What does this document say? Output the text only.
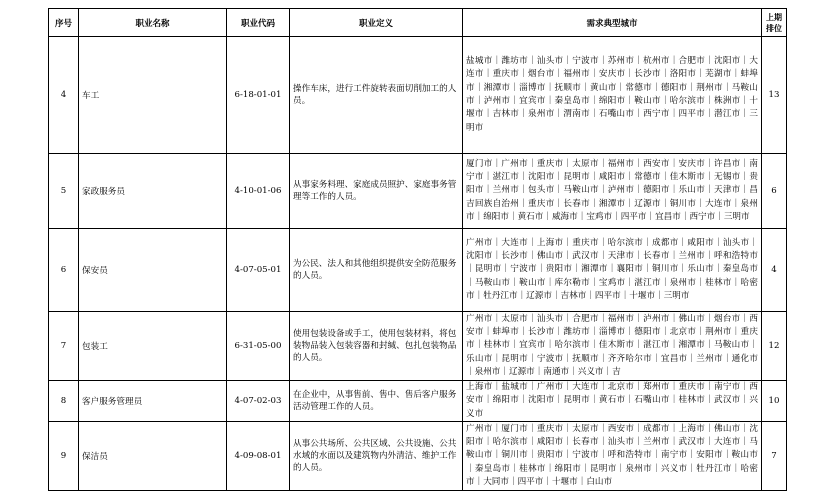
序号	职业名称	职业代码	职业定义	需求典型城市	上期排位
4	车工	6-18-01-01	操作车床，进行工件旋转表面切削加工的人员。	盐城市｜潍坊市｜汕头市｜宁波市｜苏州市｜杭州市｜合肥市｜沈阳市｜大连市｜重庆市｜烟台市｜福州市｜安庆市｜长沙市｜洛阳市｜芜湖市｜蚌埠市｜湘潭市｜淄博市｜抚顺市｜黄山市｜常德市｜德阳市｜荆州市｜马鞍山市｜泸州市｜宜宾市｜秦皇岛市｜绵阳市｜鞍山市｜哈尔滨市｜株洲市｜十堰市｜吉林市｜泉州市｜渭南市｜石嘴山市｜西宁市｜四平市｜潜江市｜三明市	13
5	家政服务员	4-10-01-06	从事家务料理、家庭成员照护、家庭事务管理等工作的人员。	厦门市｜广州市｜重庆市｜太原市｜福州市｜西安市｜安庆市｜许昌市｜南宁市｜湛江市｜沈阳市｜昆明市｜咸阳市｜常德市｜佳木斯市｜无锡市｜贵阳市｜兰州市｜包头市｜马鞍山市｜泸州市｜德阳市｜乐山市｜天津市｜昌吉回族自治州｜重庆市｜长春市｜湘潭市｜辽源市｜铜川市｜大连市｜泉州市｜绵阳市｜黄石市｜威海市｜宝鸡市｜四平市｜宜昌市｜西宁市｜三明市	6
6	保安员	4-07-05-01	为公民、法人和其他组织提供安全防范服务的人员。	广州市｜大连市｜上海市｜重庆市｜哈尔滨市｜成都市｜咸阳市｜汕头市｜沈阳市｜长沙市｜佛山市｜武汉市｜天津市｜长春市｜兰州市｜呼和浩特市｜昆明市｜宁波市｜贵阳市｜湘潭市｜襄阳市｜铜川市｜乐山市｜秦皇岛市｜马鞍山市｜鞍山市｜库尔勒市｜宝鸡市｜湛江市｜泉州市｜桂林市｜哈密市｜牡丹江市｜辽源市｜吉林市｜四平市｜十堰市｜三明市	4
7	包装工	6-31-05-00	使用包装设备或手工，使用包装材料，将包装物品装入包装容器和封缄、包扎包装物品的人员。	广州市｜太原市｜汕头市｜合肥市｜福州市｜泸州市｜佛山市｜烟台市｜西安市｜蚌埠市｜长沙市｜潍坊市｜淄博市｜德阳市｜北京市｜荆州市｜重庆市｜桂林市｜宜宾市｜哈尔滨市｜佳木斯市｜湛江市｜湘潭市｜马鞍山市｜乐山市｜昆明市｜宁波市｜抚顺市｜齐齐哈尔市｜宜昌市｜兰州市｜通化市｜泉州市｜辽源市｜南通市｜兴义市｜吉	12
8	客户服务管理员	4-07-02-03	在企业中，从事售前、售中、售后客户服务活动管理工作的人员。	上海市｜盐城市｜广州市｜大连市｜北京市｜郑州市｜重庆市｜南宁市｜西安市｜绵阳市｜沈阳市｜昆明市｜黄石市｜石嘴山市｜桂林市｜武汉市｜兴义市	10
9	保洁员	4-09-08-01	从事公共场所、公共区域、公共设施、公共水域的水面以及建筑物内外清洁、维护工作的人员。	广州市｜厦门市｜重庆市｜太原市｜西安市｜成都市｜上海市｜佛山市｜沈阳市｜哈尔滨市｜咸阳市｜长春市｜汕头市｜兰州市｜武汉市｜大连市｜马鞍山市｜铜川市｜贵阳市｜宁波市｜呼和浩特市｜南宁市｜安阳市｜鞍山市｜秦皇岛市｜桂林市｜绵阳市｜昆明市｜泉州市｜兴义市｜牡丹江市｜哈密市｜大同市｜四平市｜十堰市｜白山市	7
